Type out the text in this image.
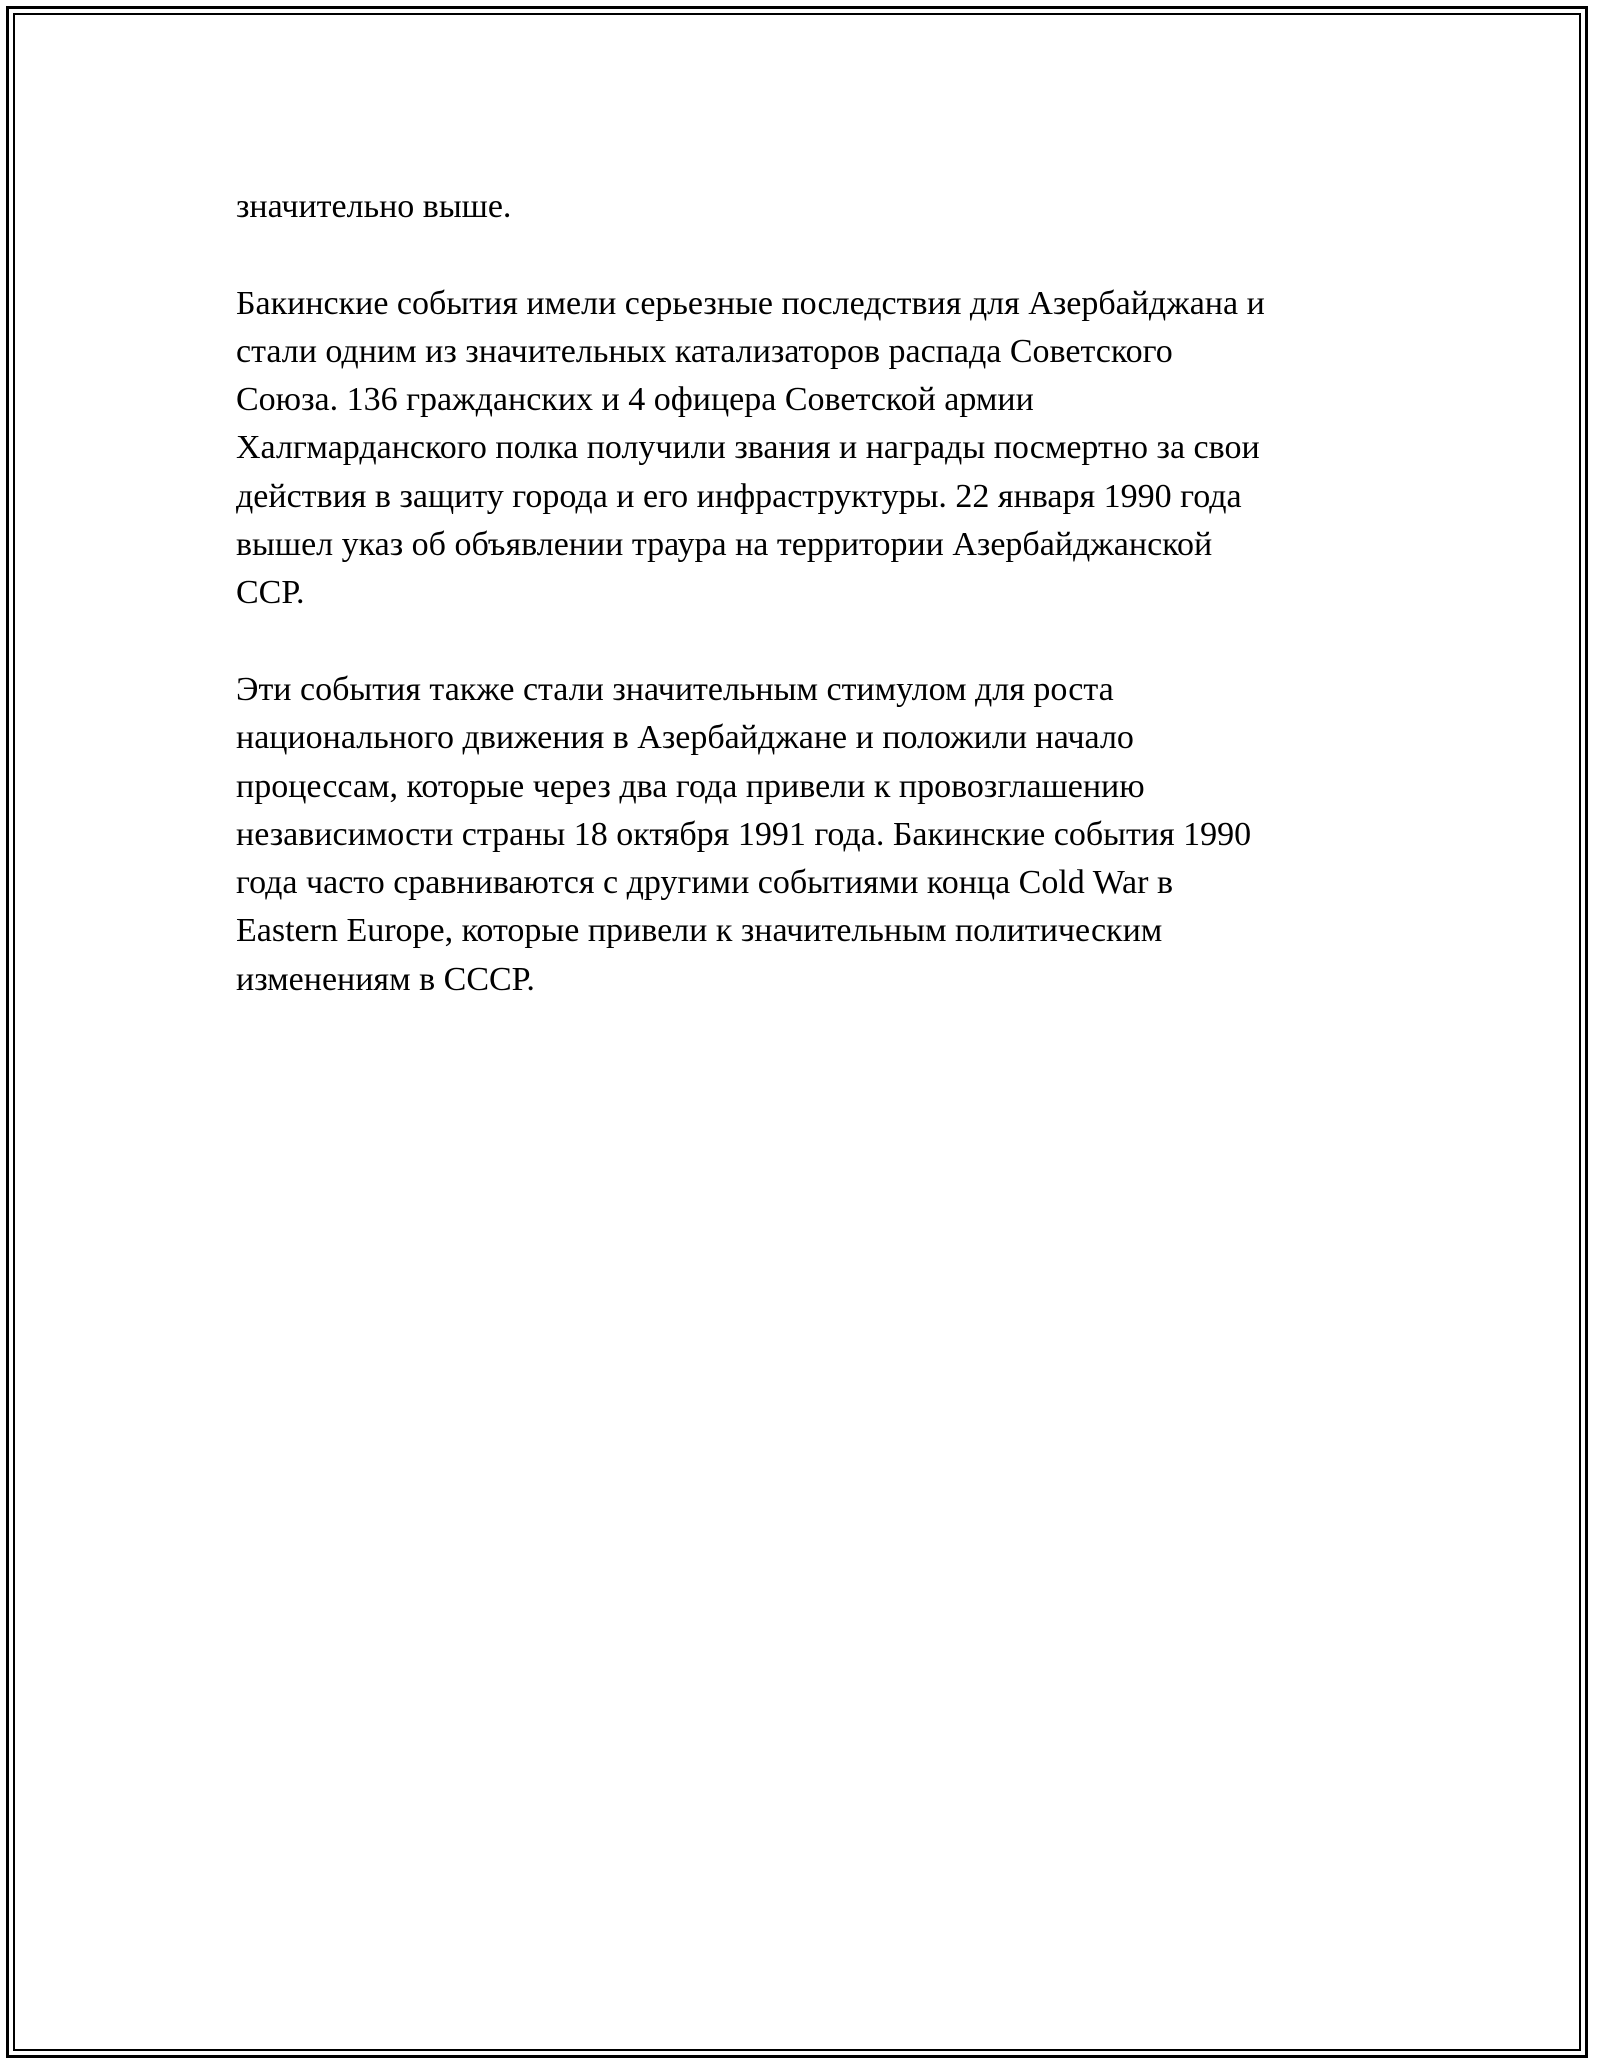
значительно выше.

Бакинские события имели серьезные последствия для Азербайджана и
стали одним из значительных катализаторов распада Советского
Союза. 136 гражданских и 4 офицера Советской армии
Халгмарданского полка получили звания и награды посмертно за свои
действия в защиту города и его инфраструктуры. 22 января 1990 года
вышел указ об объявлении траура на территории Азербайджанской
ССР.

Эти события также стали значительным стимулом для роста
национального движения в Азербайджане и положили начало
процессам, которые через два года привели к провозглашению
независимости страны 18 октября 1991 года. Бакинские события 1990
года часто сравниваются с другими событиями конца Cold War в
Eastern Europe, которые привели к значительным политическим
изменениям в СССР.
